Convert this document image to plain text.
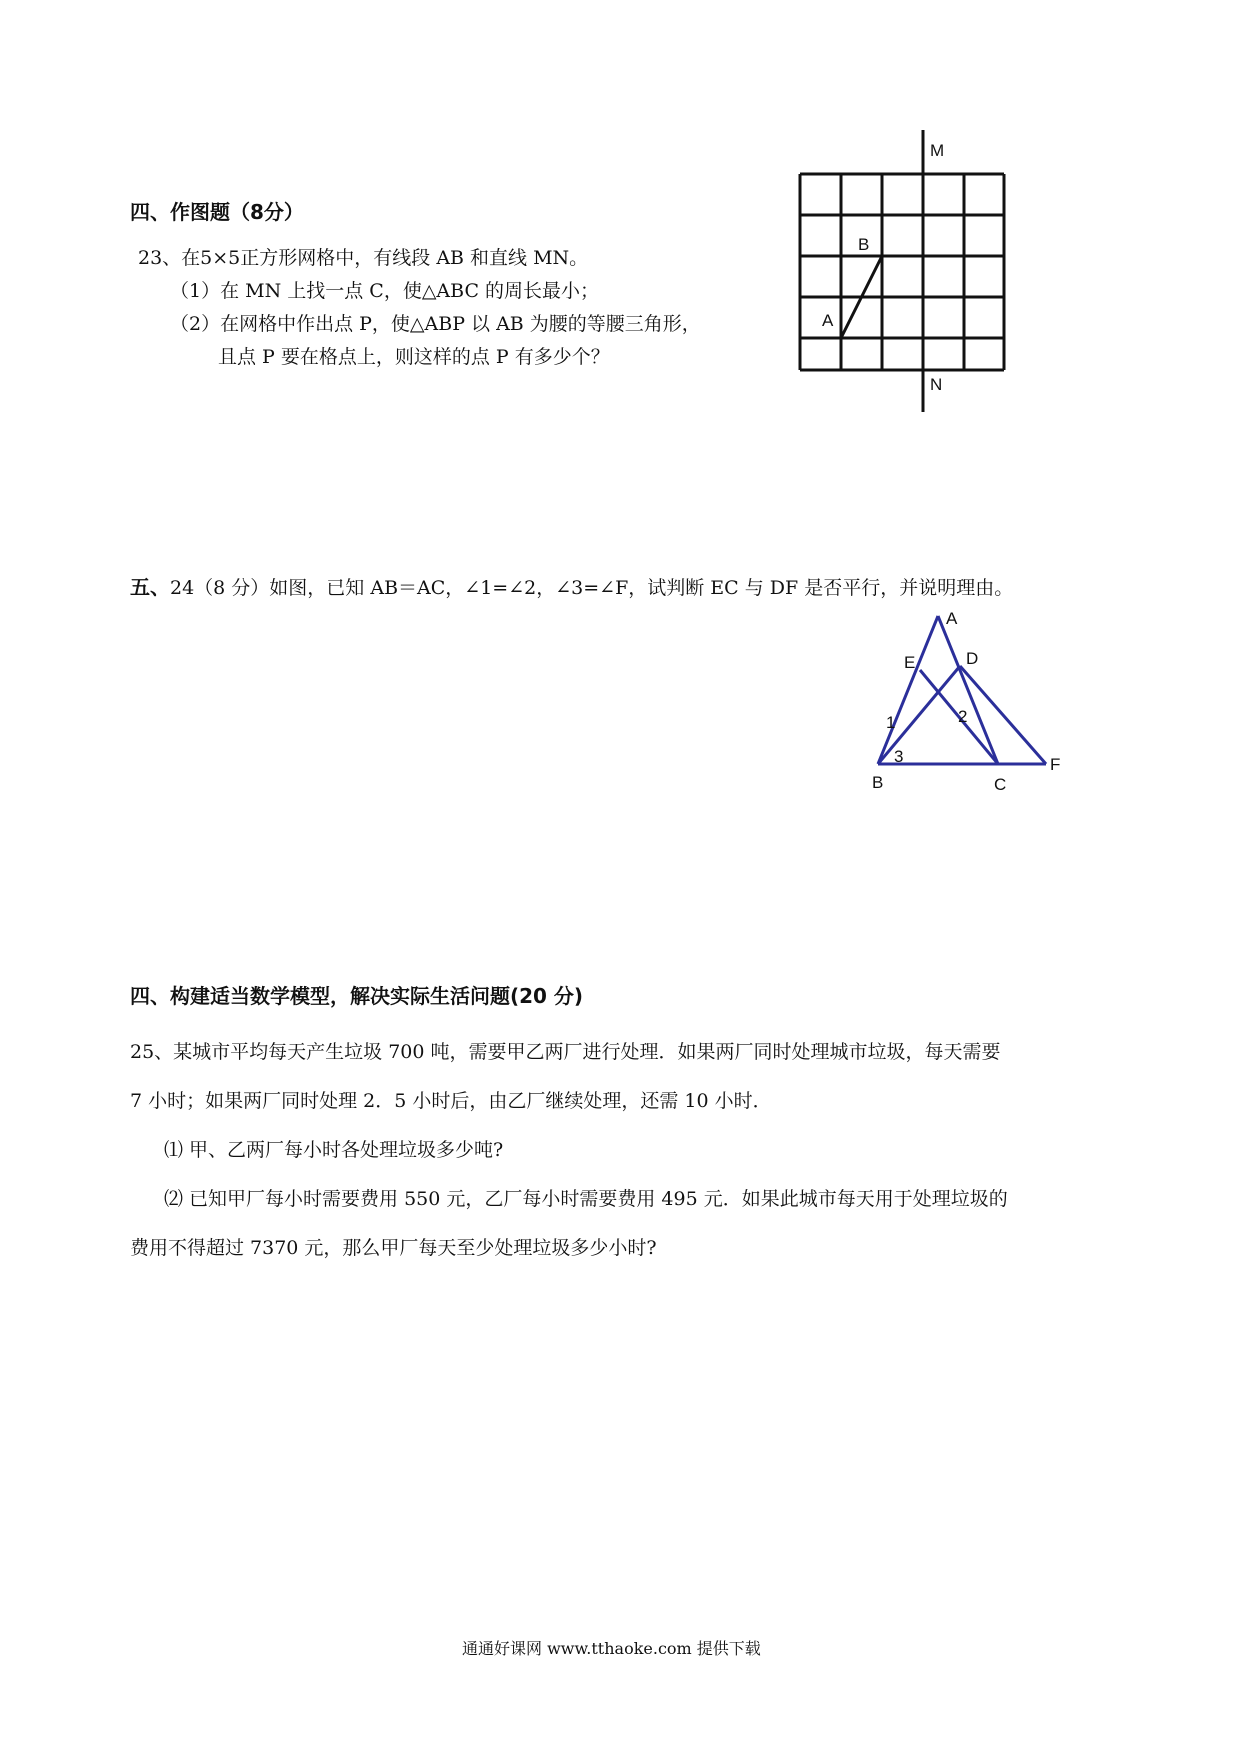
四、作图题（8分）
23、在5×5正方形网格中，有线段 AB 和直线 MN。
（1）在 MN 上找一点 C，使△ABC 的周长最小；
（2）在网格中作出点 P，使△ABP 以 AB 为腰的等腰三角形，
且点 P 要在格点上，则这样的点 P 有多少个？
M
N
A
B
五、24（8 分）如图，已知 AB＝AC，∠1=∠2，∠3=∠F，试判断 EC 与 DF 是否平行，并说明理由。
A
E	D
1	2
3
B	C
F
四、构建适当数学模型，解决实际生活问题(20 分)
25、某城市平均每天产生垃圾 700 吨，需要甲乙两厂进行处理．如果两厂同时处理城市垃圾，每天需要
7 小时；如果两厂同时处理 2．5 小时后，由乙厂继续处理，还需 10 小时．
⑴ 甲、乙两厂每小时各处理垃圾多少吨?
⑵ 已知甲厂每小时需要费用 550 元，乙厂每小时需要费用 495 元．如果此城市每天用于处理垃圾的
费用不得超过 7370 元，那么甲厂每天至少处理垃圾多少小时?
通通好课网 www.tthaoke.com 提供下载
